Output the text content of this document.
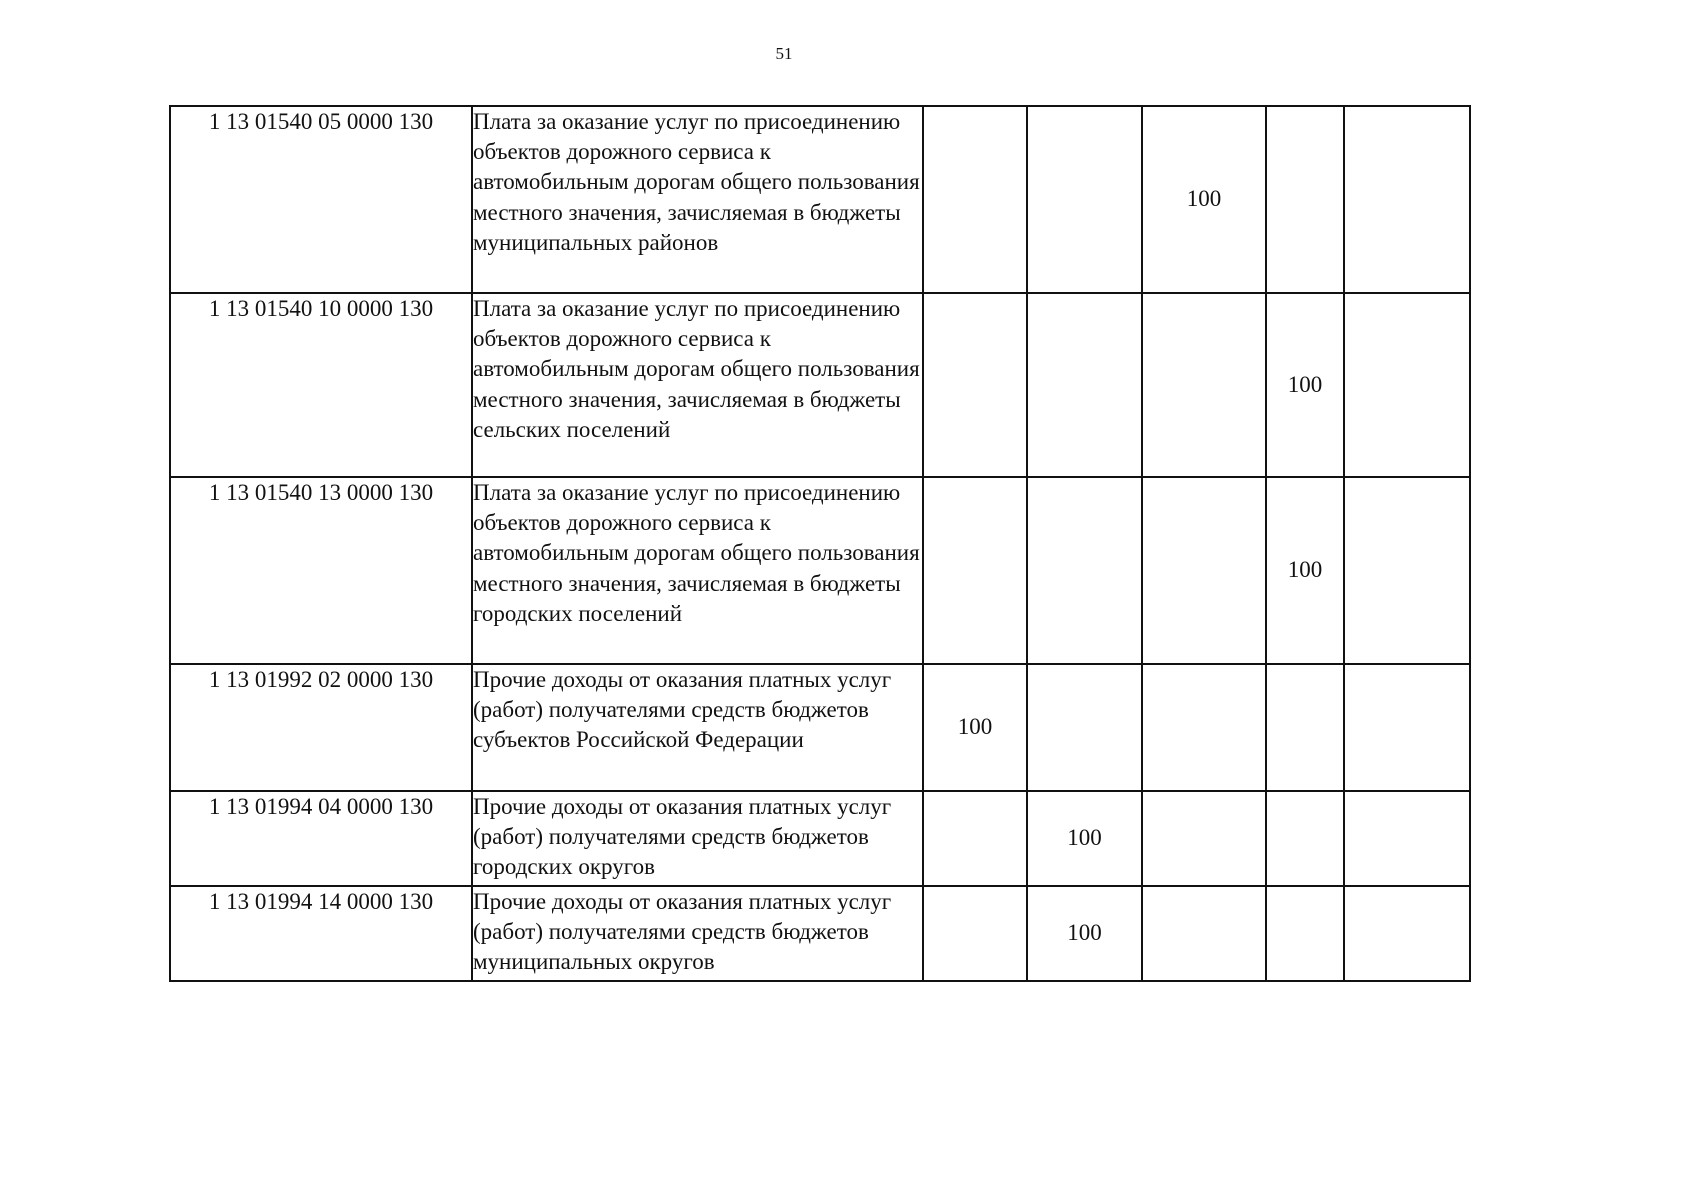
51
1 13 01540 05 0000 130	Плата за оказание услуг по присоединению объектов дорожного сервиса к автомобильным дорогам общего пользования местного значения, зачисляемая в бюджеты муниципальных районов			100		
1 13 01540 10 0000 130	Плата за оказание услуг по присоединению объектов дорожного сервиса к автомобильным дорогам общего пользования местного значения, зачисляемая в бюджеты сельских поселений				100	
1 13 01540 13 0000 130	Плата за оказание услуг по присоединению объектов дорожного сервиса к автомобильным дорогам общего пользования местного значения, зачисляемая в бюджеты городских поселений				100	
1 13 01992 02 0000 130	Прочие доходы от оказания платных услуг (работ) получателями средств бюджетов субъектов Российской Федерации	100				
1 13 01994 04 0000 130	Прочие доходы от оказания платных услуг (работ) получателями средств бюджетов городских округов		100			
1 13 01994 14 0000 130	Прочие доходы от оказания платных услуг (работ) получателями средств бюджетов муниципальных округов		100			
